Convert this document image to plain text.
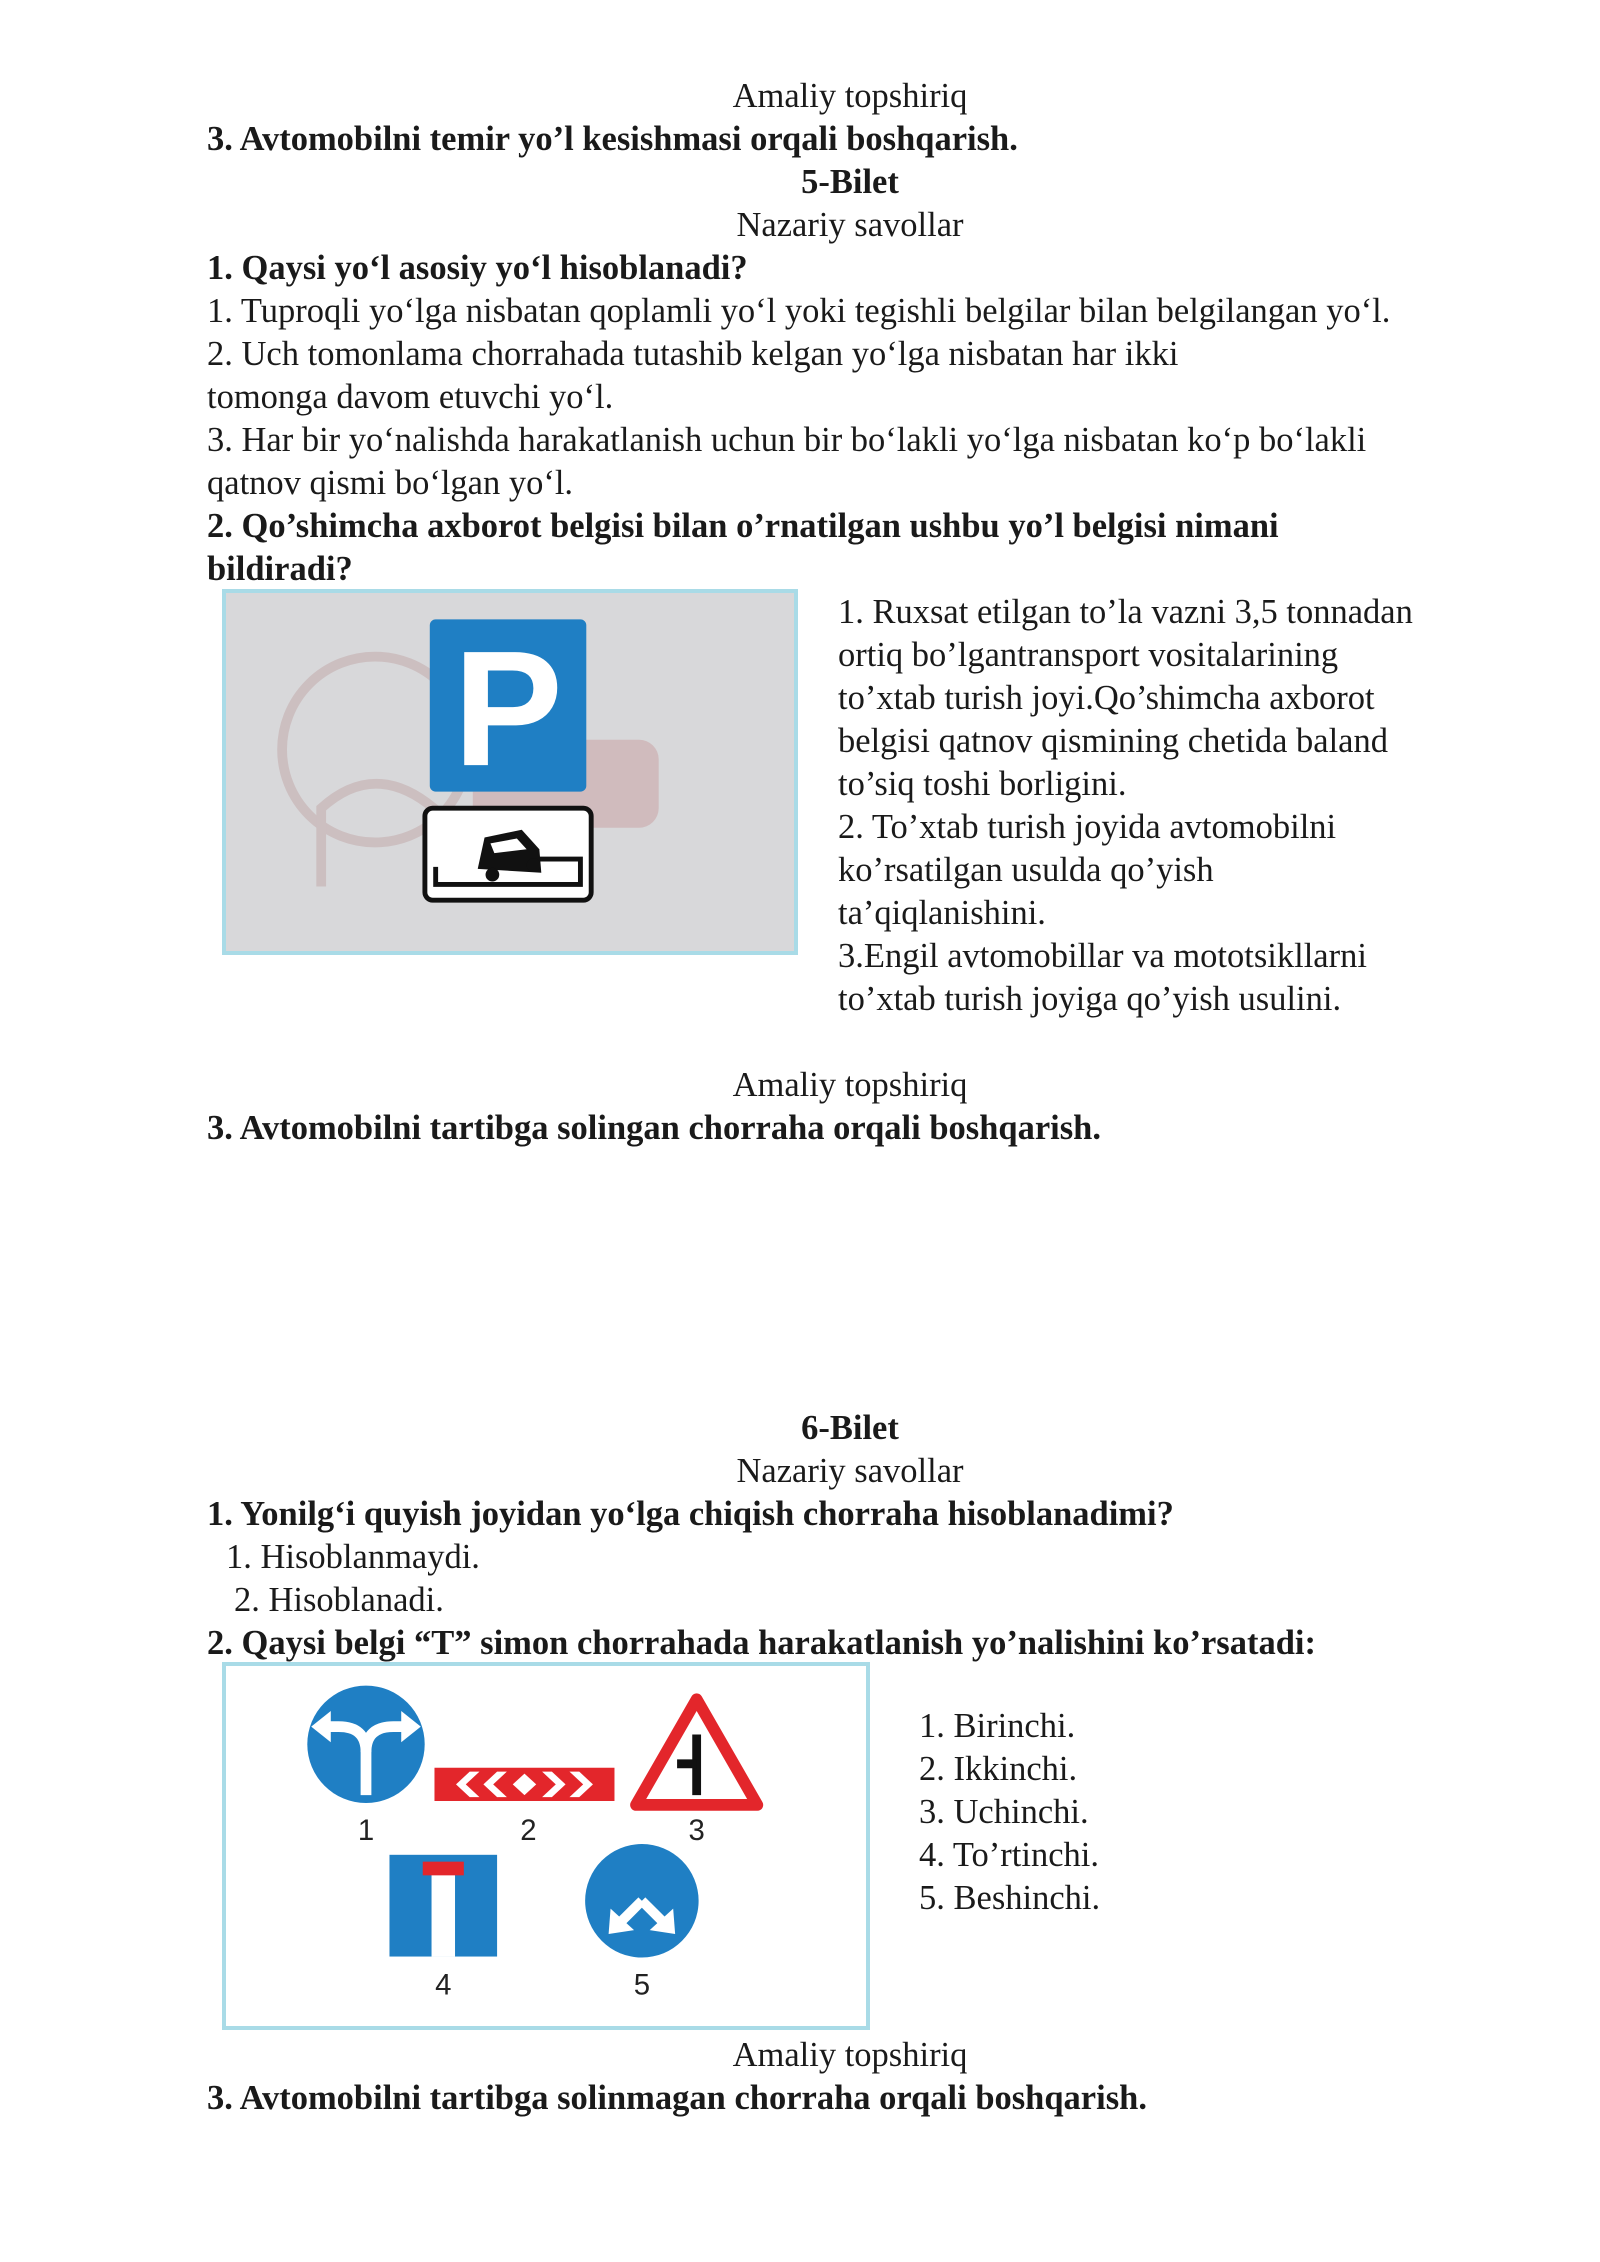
Amaliy topshiriq
3. Avtomobilni temir yo’l kesishmasi orqali boshqarish.
5-Bilet
Nazariy savollar
1. Qaysi yo‘l asosiy yo‘l hisoblanadi?
1. Tuproqli yo‘lga nisbatan qoplamli yo‘l yoki tegishli belgilar bilan belgilangan yo‘l.
2. Uch tomonlama chorrahada tutashib kelgan yo‘lga nisbatan har ikki
tomonga davom etuvchi yo‘l.
3. Har bir yo‘nalishda harakatlanish uchun bir bo‘lakli yo‘lga nisbatan ko‘p bo‘lakli
qatnov qismi bo‘lgan yo‘l.
2. Qo’shimcha axborot belgisi bilan o’rnatilgan ushbu yo’l belgisi nimani
bildiradi?
P
1. Ruxsat etilgan to’la vazni 3,5 tonnadan
ortiq bo’lgantransport vositalarining
to’xtab turish joyi.Qo’shimcha axborot
belgisi qatnov qismining chetida baland
to’siq toshi borligini.
2. To’xtab turish joyida avtomobilni
ko’rsatilgan usulda qo’yish
ta’qiqlanishini.
3.Engil avtomobillar va mototsikllarni
to’xtab turish joyiga qo’yish usulini.
Amaliy topshiriq
3. Avtomobilni tartibga solingan chorraha orqali boshqarish.
6-Bilet
Nazariy savollar
1. Yonilg‘i quyish joyidan yo‘lga chiqish chorraha hisoblanadimi?
1. Hisoblanmaydi.
2. Hisoblanadi.
2. Qaysi belgi “T” simon chorrahada harakatlanish yo’nalishini ko’rsatadi:
1	2	3
4	5
1. Birinchi.
2. Ikkinchi.
3. Uchinchi.
4. To’rtinchi.
5. Beshinchi.
Amaliy topshiriq
3. Avtomobilni tartibga solinmagan chorraha orqali boshqarish.
